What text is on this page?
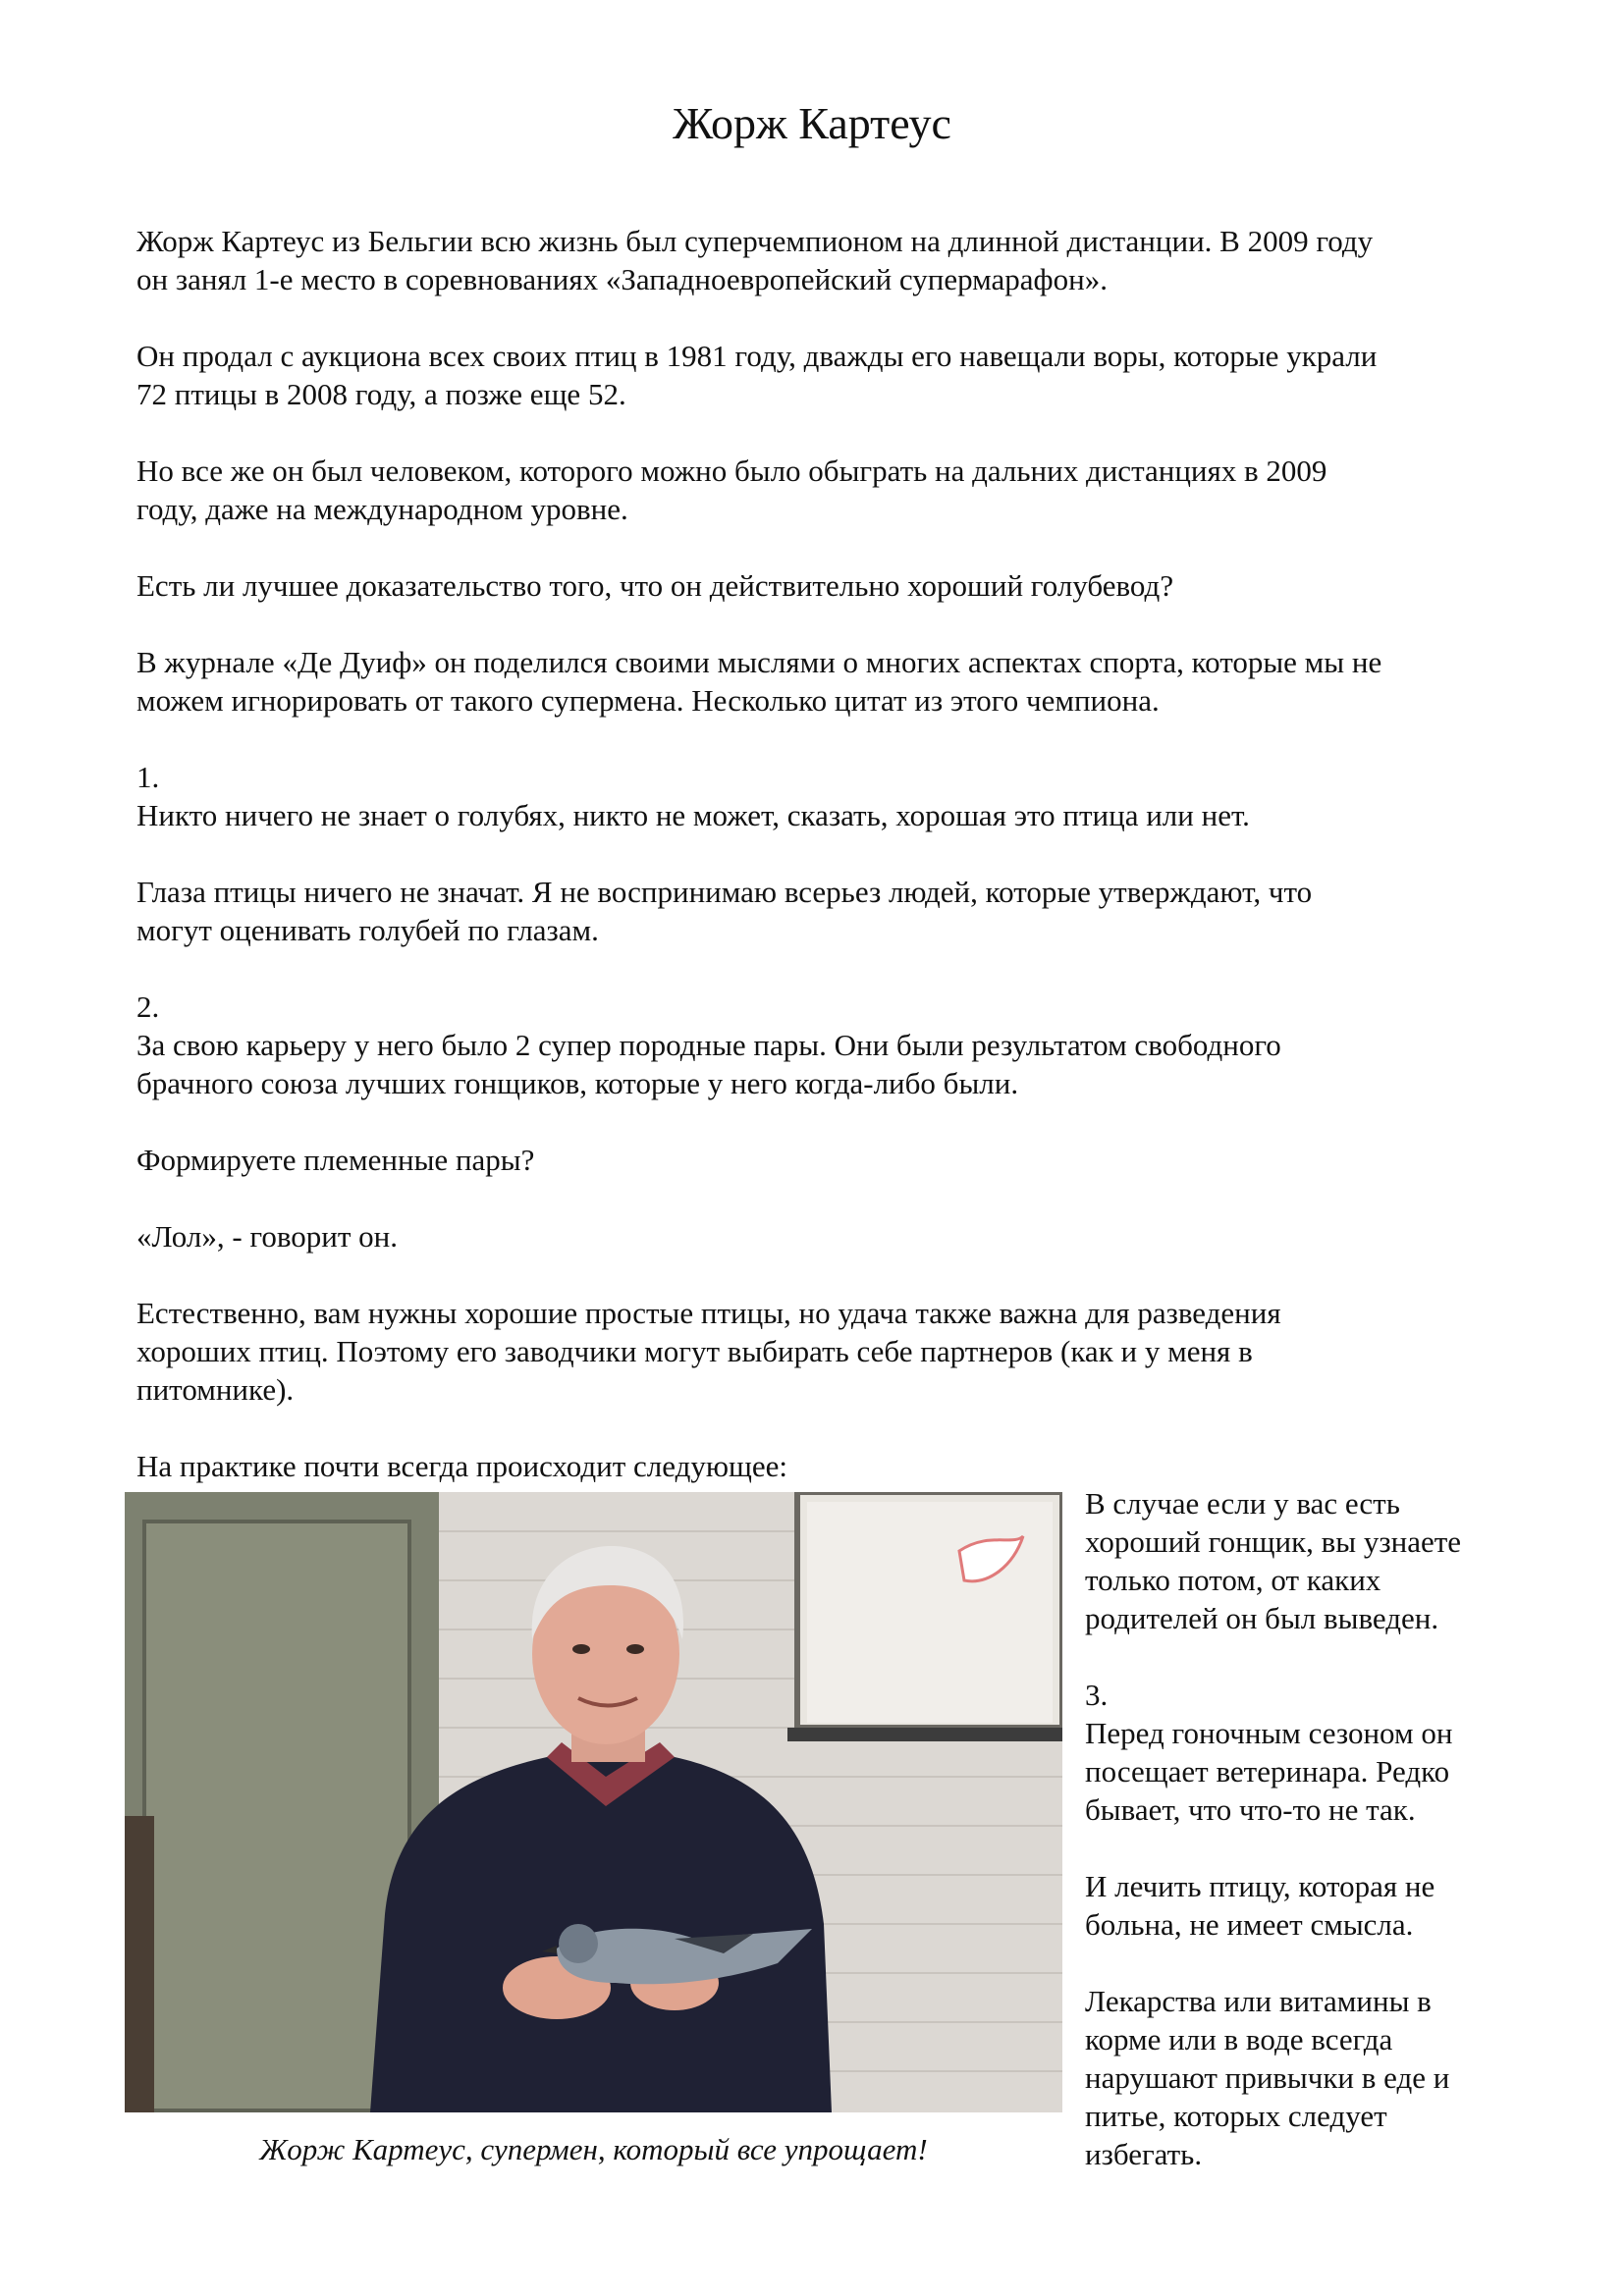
Жорж Картеус

Жорж Картеус из Бельгии всю жизнь был суперчемпионом на длинной дистанции. В 2009 году
он занял 1-е место в соревнованиях «Западноевропейский супермарафон».

Он продал с аукциона всех своих птиц в 1981 году, дважды его навещали воры, которые украли
72 птицы в 2008 году, а позже еще 52.

Но все же он был человеком, которого можно было обыграть на дальних дистанциях в 2009
году, даже на международном уровне.

Есть ли лучшее доказательство того, что он действительно хороший голубевод?

В журнале «Де Дуиф» он поделился своими мыслями о многих аспектах спорта, которые мы не
можем игнорировать от такого супермена. Несколько цитат из этого чемпиона.

1.
Никто ничего не знает о голубях, никто не может, сказать, хорошая это птица или нет.

Глаза птицы ничего не значат. Я не воспринимаю всерьез людей, которые утверждают, что
могут оценивать голубей по глазам.

2.
За свою карьеру у него было 2 супер породные пары. Они были результатом свободного
брачного союза лучших гонщиков, которые у него когда-либо были.

Формируете племенные пары?

«Лол», - говорит он.

Естественно, вам нужны хорошие простые птицы, но удача также важна для разведения
хороших птиц. Поэтому его заводчики могут выбирать себе партнеров (как и у меня в
питомнике).

На практике почти всегда происходит следующее:

Жорж Картеус, супермен, который все упрощает!

В случае если у вас есть
хороший гонщик, вы узнаете
только потом, от каких
родителей он был выведен.

3.
Перед гоночным сезоном он
посещает ветеринара. Редко
бывает, что что-то не так.

И лечить птицу, которая не
больна, не имеет смысла.

Лекарства или витамины в
корме или в воде всегда
нарушают привычки в еде и
питье, которых следует
избегать.
